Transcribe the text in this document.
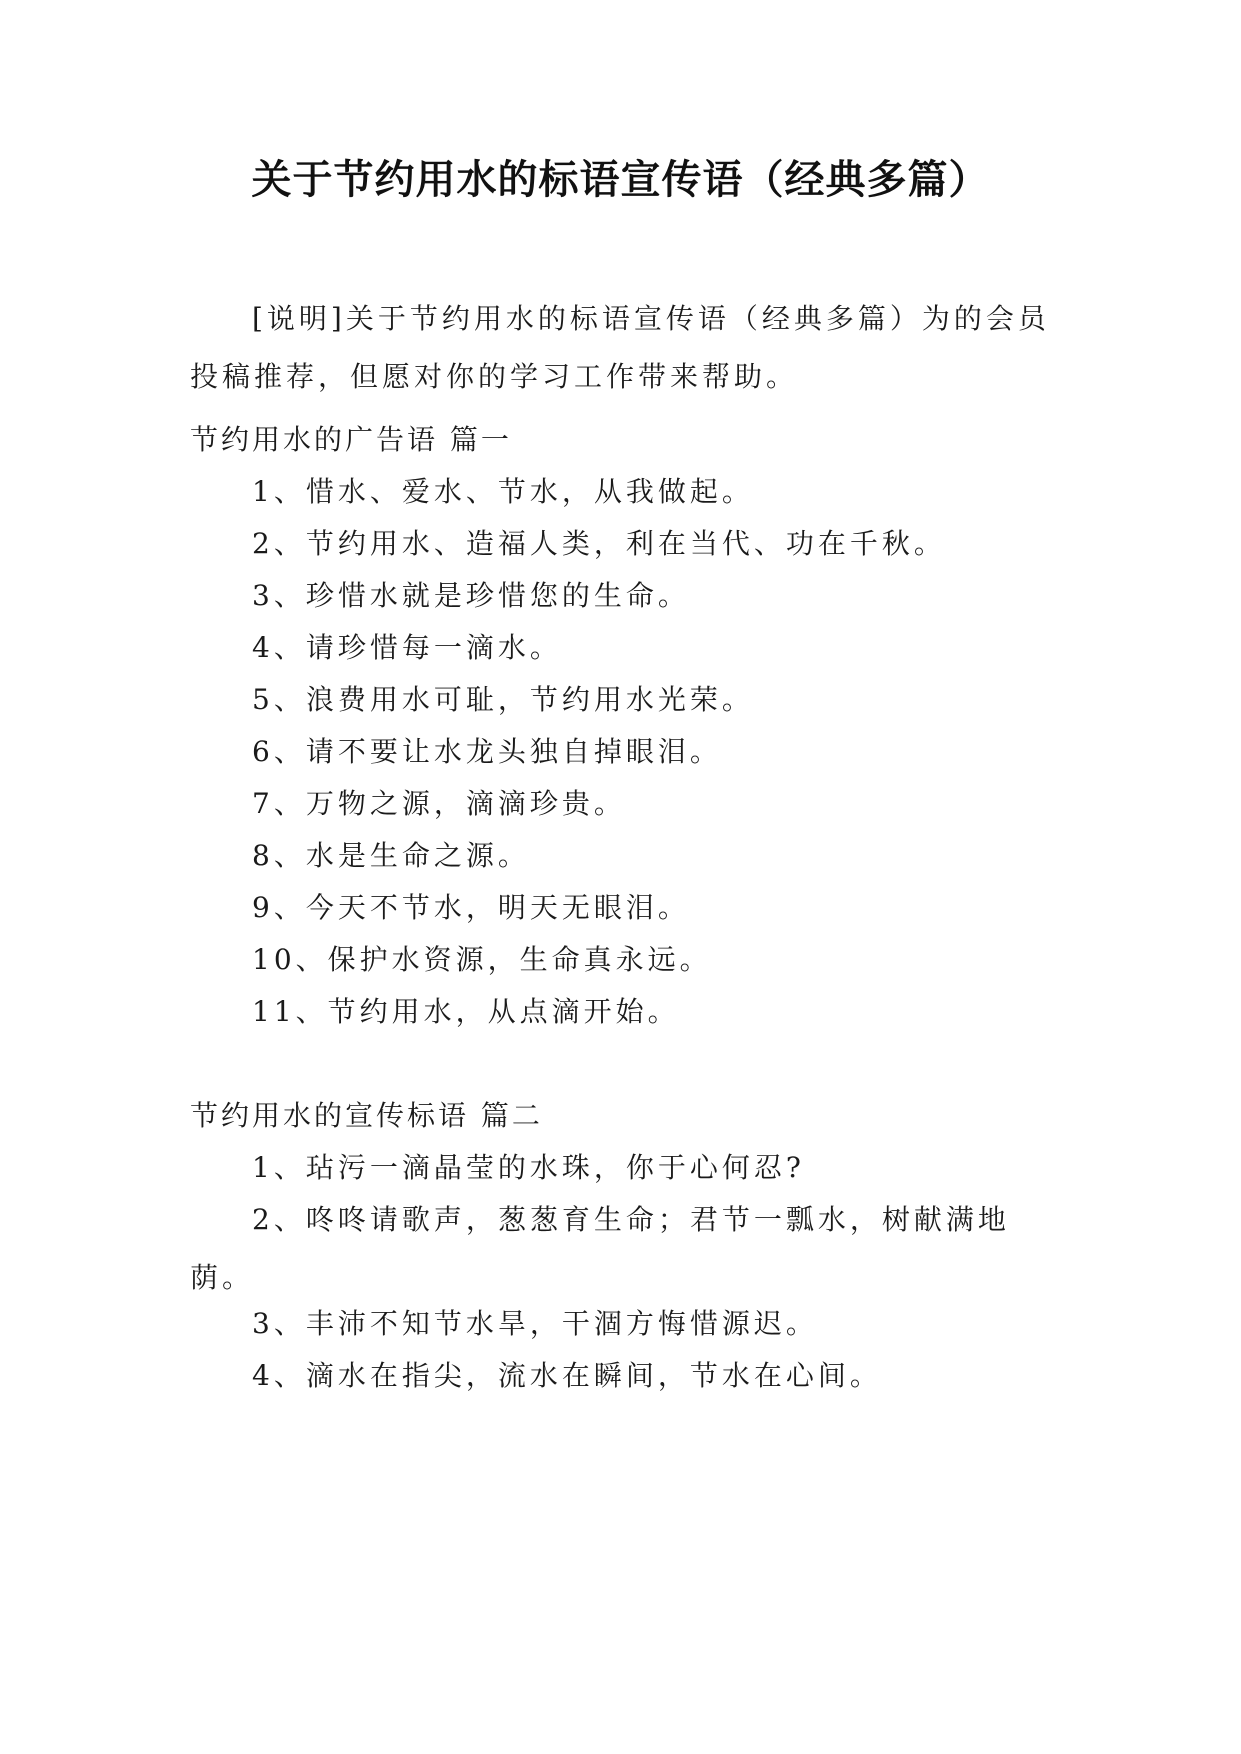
关于节约用水的标语宣传语（经典多篇）
[说明]关于节约用水的标语宣传语（经典多篇）为的会员投稿推荐，但愿对你的学习工作带来帮助。
节约用水的广告语 篇一
1、惜水、爱水、节水，从我做起。
2、节约用水、造福人类，利在当代、功在千秋。
3、珍惜水就是珍惜您的生命。
4、请珍惜每一滴水。
5、浪费用水可耻，节约用水光荣。
6、请不要让水龙头独自掉眼泪。
7、万物之源，滴滴珍贵。
8、水是生命之源。
9、今天不节水，明天无眼泪。
10、保护水资源，生命真永远。
11、节约用水，从点滴开始。
节约用水的宣传标语 篇二
1、玷污一滴晶莹的水珠，你于心何忍?
2、咚咚请歌声，葱葱育生命；君节一瓢水，树献满地荫。
3、丰沛不知节水旱，干涸方悔惜源迟。
4、滴水在指尖，流水在瞬间，节水在心间。
